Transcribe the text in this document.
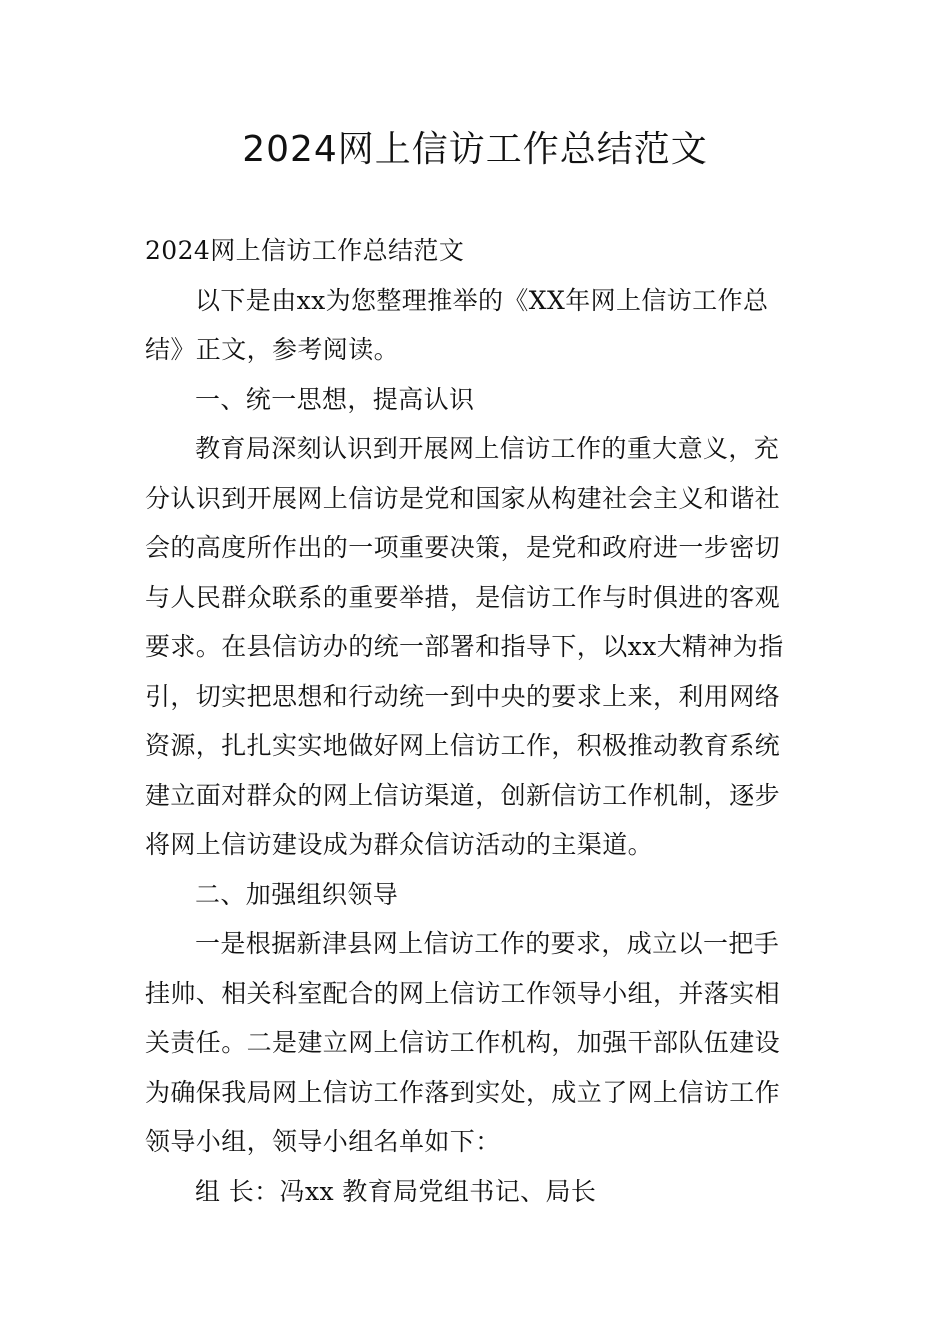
2024网上信访工作总结范文
2024网上信访工作总结范文
以下是由xx为您整理推举的《XX年网上信访工作总
结》正文，参考阅读。
一、统一思想，提高认识
教育局深刻认识到开展网上信访工作的重大意义，充
分认识到开展网上信访是党和国家从构建社会主义和谐社
会的高度所作出的一项重要决策，是党和政府进一步密切
与人民群众联系的重要举措，是信访工作与时俱进的客观
要求。在县信访办的统一部署和指导下，以xx大精神为指
引，切实把思想和行动统一到中央的要求上来，利用网络
资源，扎扎实实地做好网上信访工作，积极推动教育系统
建立面对群众的网上信访渠道，创新信访工作机制，逐步
将网上信访建设成为群众信访活动的主渠道。
二、加强组织领导
一是根据新津县网上信访工作的要求，成立以一把手
挂帅、相关科室配合的网上信访工作领导小组，并落实相
关责任。二是建立网上信访工作机构，加强干部队伍建设
为确保我局网上信访工作落到实处，成立了网上信访工作
领导小组，领导小组名单如下：
组 长：冯xx 教育局党组书记、局长
